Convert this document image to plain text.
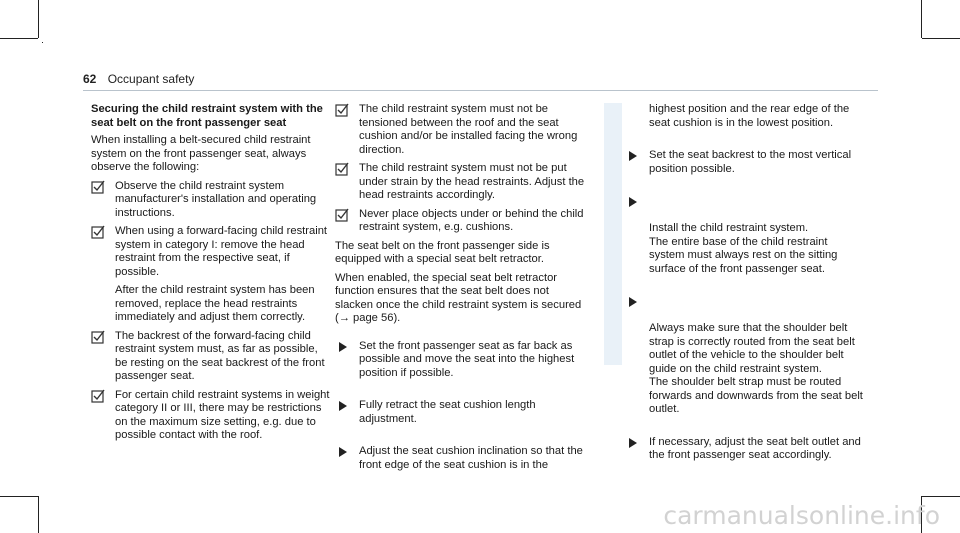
62 Occupant safety
Securing the child restraint system with the seat belt on the front passenger seat

When installing a belt-secured child restraint system on the front passenger seat, always observe the following:

Observe the child restraint system manufacturer's installation and operating instructions.
When using a forward-facing child restraint system in category I: remove the head restraint from the respective seat, if possible.
After the child restraint system has been removed, replace the head restraints immediately and adjust them correctly.
The backrest of the forward-facing child restraint system must, as far as possible, be resting on the seat backrest of the front passenger seat.
For certain child restraint systems in weight category II or III, there may be restrictions on the maximum size setting, e.g. due to possible contact with the roof.
The child restraint system must not be tensioned between the roof and the seat cushion and/or be installed facing the wrong direction.
The child restraint system must not be put under strain by the head restraints. Adjust the head restraints accordingly.
Never place objects under or behind the child restraint system, e.g. cushions.

The seat belt on the front passenger side is equipped with a special seat belt retractor.

When enabled, the special seat belt retractor function ensures that the seat belt does not slacken once the child restraint system is secured (→ page 56).

Set the front passenger seat as far back as possible and move the seat into the highest position if possible.
Fully retract the seat cushion length adjustment.
Adjust the seat cushion inclination so that the front edge of the seat cushion is in the
highest position and the rear edge of the seat cushion is in the lowest position.
Set the seat backrest to the most vertical position possible.

Install the child restraint system.
The entire base of the child restraint system must always rest on the sitting surface of the front passenger seat.

Always make sure that the shoulder belt strap is correctly routed from the seat belt outlet of the vehicle to the shoulder belt guide on the child restraint system.
The shoulder belt strap must be routed forwards and downwards from the seat belt outlet.

If necessary, adjust the seat belt outlet and the front passenger seat accordingly.
carmanualsonline.info
